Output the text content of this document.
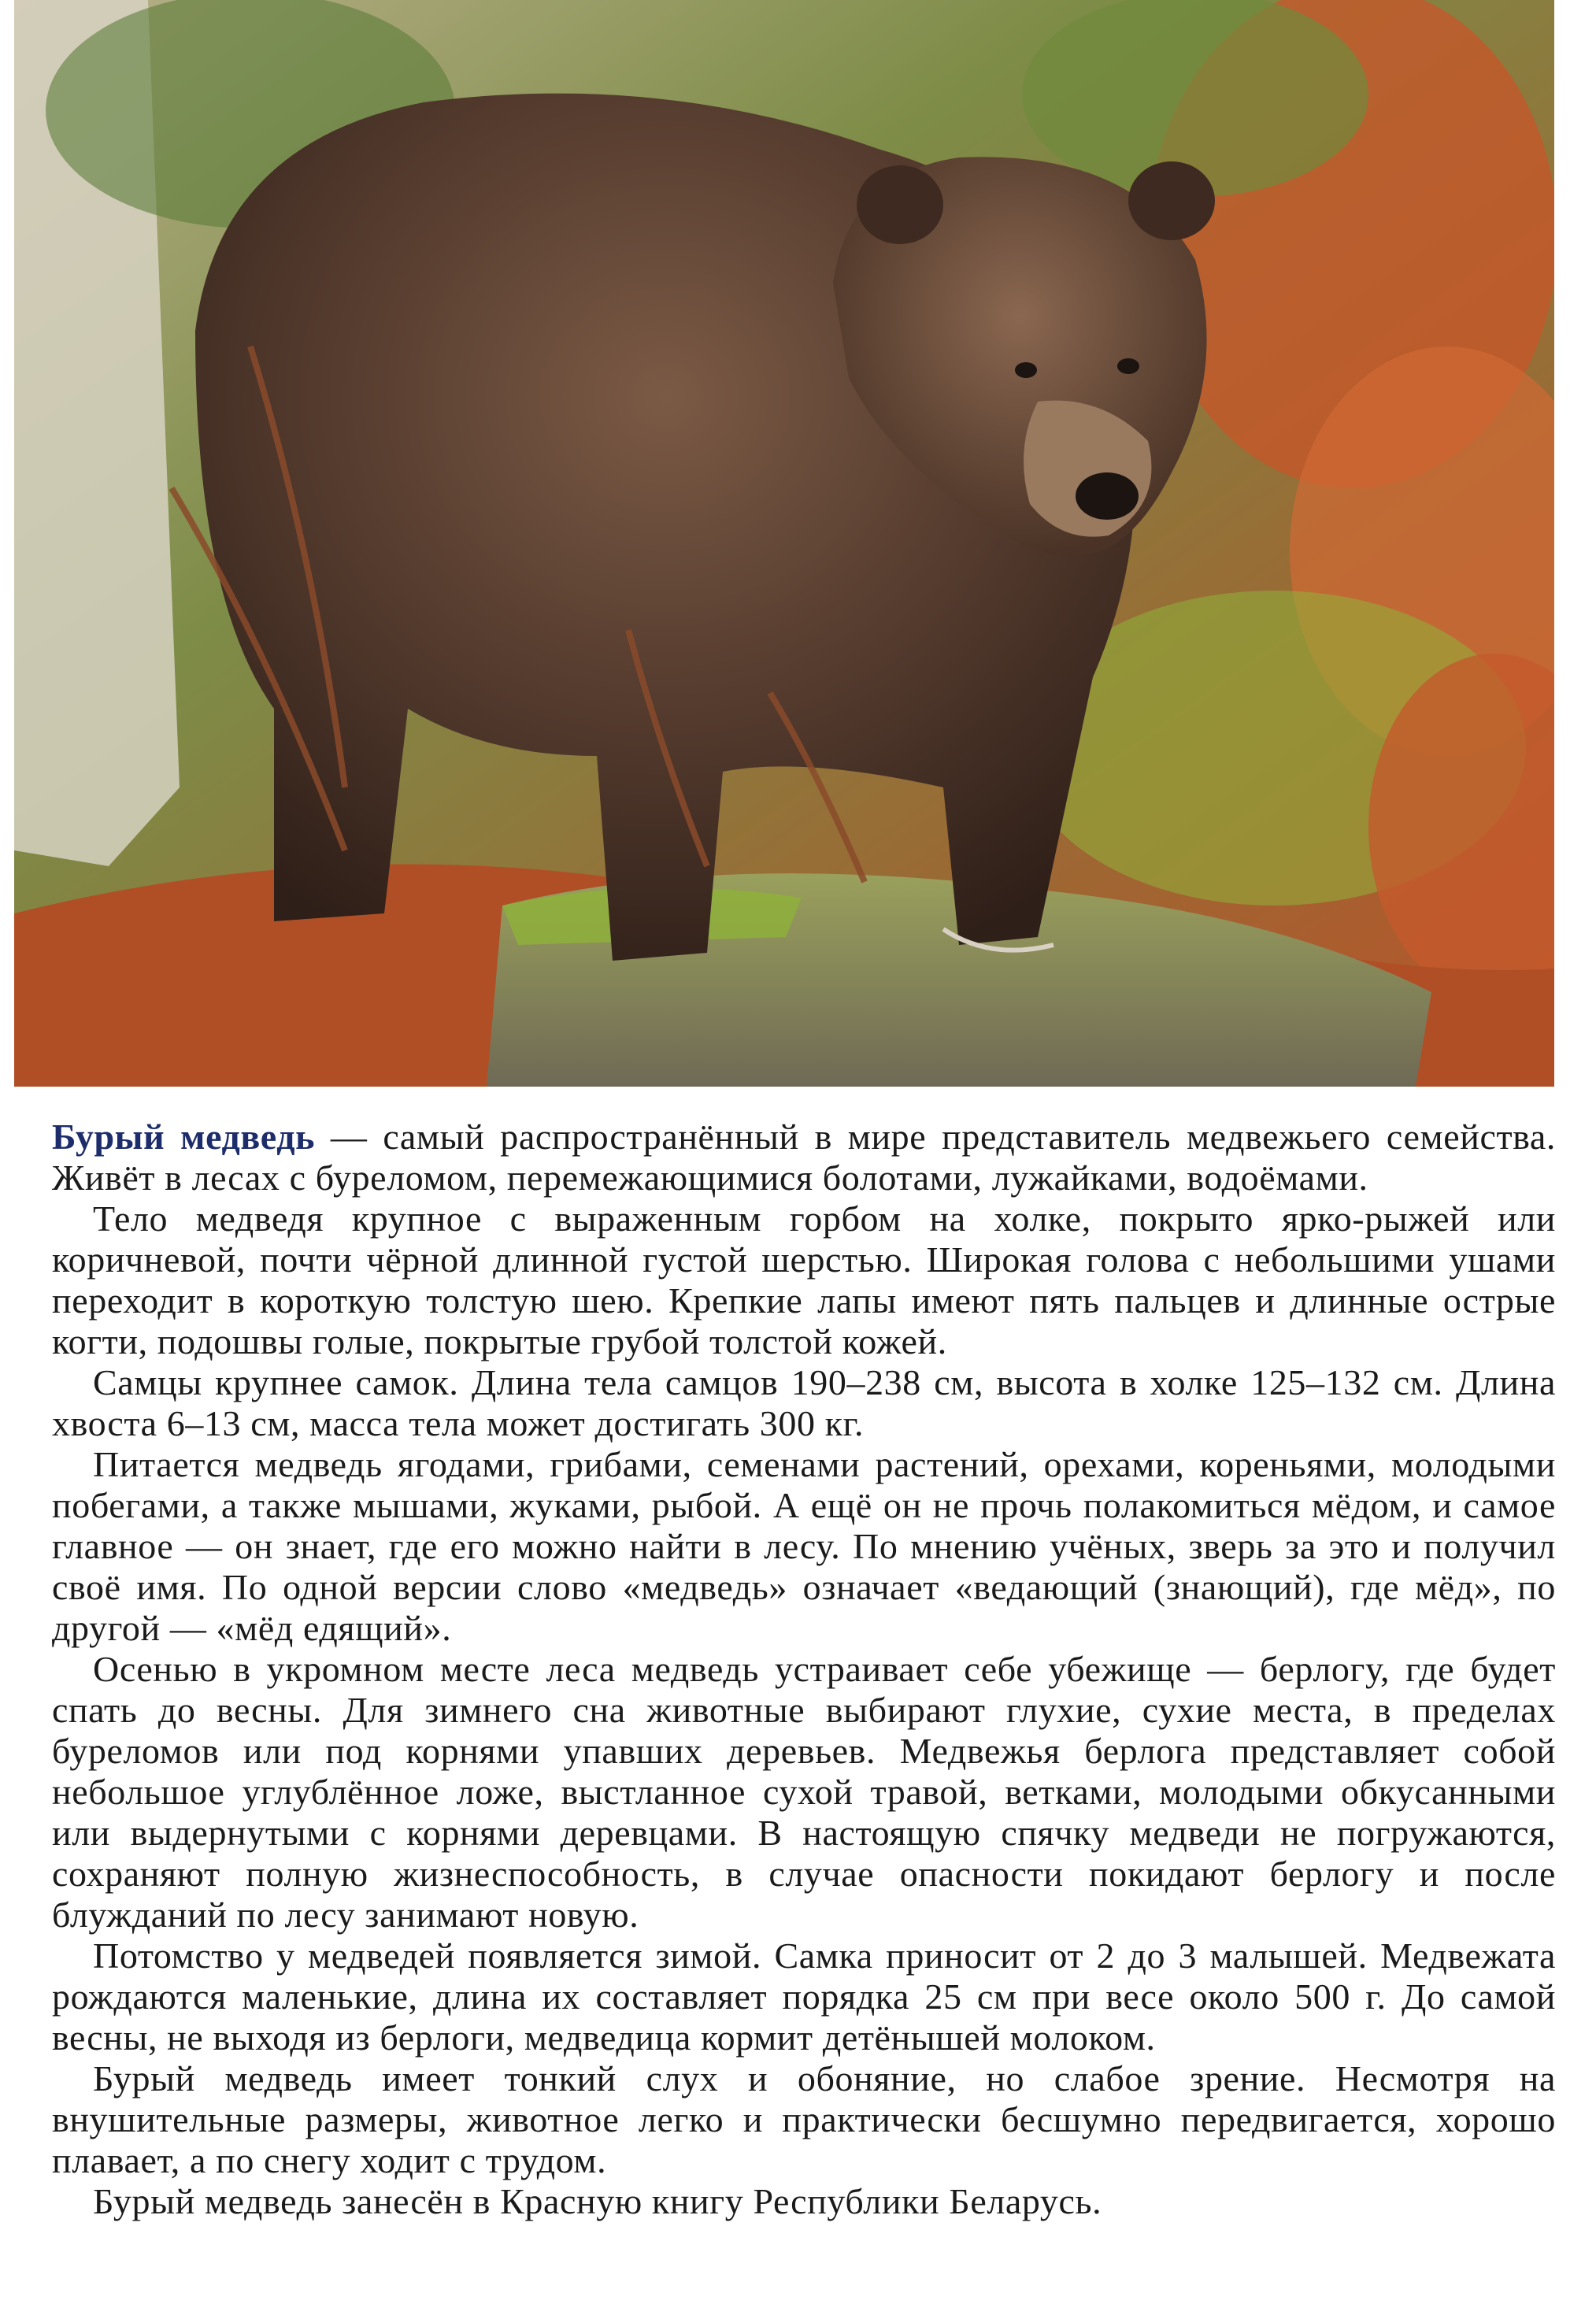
Бурый медведь — самый распространённый в мире представитель медвежьего семейства. Живёт в лесах с буреломом, перемежающимися болотами, лужайками, водоёмами.

Тело медведя крупное с выраженным горбом на холке, покрыто ярко-рыжей или коричневой, почти чёрной длинной густой шерстью. Широкая голова с небольшими ушами переходит в короткую толстую шею. Крепкие лапы имеют пять пальцев и длинные острые когти, подошвы голые, покрытые грубой толстой кожей.

Самцы крупнее самок. Длина тела самцов 190–238 см, высота в холке 125–132 см. Длина хвоста 6–13 см, масса тела может достигать 300 кг.

Питается медведь ягодами, грибами, семенами растений, орехами, кореньями, молодыми побегами, а также мышами, жуками, рыбой. А ещё он не прочь полакомиться мёдом, и самое главное — он знает, где его можно найти в лесу. По мнению учёных, зверь за это и получил своё имя. По одной версии слово «медведь» означает «ведающий (знающий), где мёд», по другой — «мёд едящий».

Осенью в укромном месте леса медведь устраивает себе убежище — берлогу, где будет спать до весны. Для зимнего сна животные выбирают глухие, сухие места, в пределах буреломов или под корнями упавших деревьев. Медвежья берлога представляет собой небольшое углублённое ложе, выстланное сухой травой, ветками, молодыми обкусанными или выдернутыми с корнями деревцами. В настоящую спячку медведи не погружаются, сохраняют полную жизнеспособность, в случае опасности покидают берлогу и после блужданий по лесу занимают новую.

Потомство у медведей появляется зимой. Самка приносит от 2 до 3 малышей. Медвежата рождаются маленькие, длина их составляет порядка 25 см при весе около 500 г. До самой весны, не выходя из берлоги, медведица кормит детёнышей молоком.

Бурый медведь имеет тонкий слух и обоняние, но слабое зрение. Несмотря на внушительные размеры, животное легко и практически бесшумно передвигается, хорошо плавает, а по снегу ходит с трудом.

Бурый медведь занесён в Красную книгу Республики Беларусь.
